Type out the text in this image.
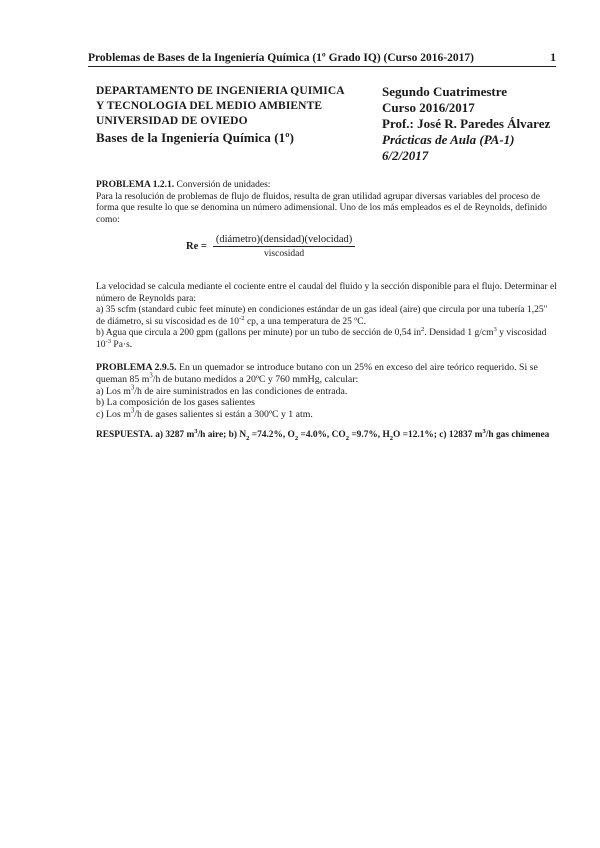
Problemas de Bases de la Ingeniería Química (1º Grado IQ) (Curso 2016-2017)	1
DEPARTAMENTO DE INGENIERIA QUIMICA
Y TECNOLOGIA DEL MEDIO AMBIENTE
UNIVERSIDAD DE OVIEDO
Bases de la Ingeniería Química (1º)
Segundo Cuatrimestre
Curso 2016/2017
Prof.: José R. Paredes Álvarez
Prácticas de Aula (PA-1)
6/2/2017

PROBLEMA 1.2.1. Conversión de unidades:

Para la resolución de problemas de flujo de fluidos, resulta de gran utilidad agrupar diversas variables del proceso de forma que resulte lo que se denomina un número adimensional. Uno de los más empleados es el de Reynolds, definido como:

$Re = \frac{\text{(diámetro)(densidad)(velocidad)}}{\text{viscosidad}}$

La velocidad se calcula mediante el cociente entre el caudal del fluido y la sección disponible para el flujo. Determinar el número de Reynolds para:

a) 35 scfm (standard cubic feet minute) en condiciones estándar de un gas ideal (aire) que circula por una tubería 1,25" de diámetro, si su viscosidad es de $10^{-2}$ cp, a una temperatura de 25 ºC.

b) Agua que circula a 200 gpm (gallons per minute) por un tubo de sección de 0,54 $in^2$. Densidad 1 $g/cm^3$ y viscosidad $10^{-3}$ Pa·s.

PROBLEMA 2.9.5. En un quemador se introduce butano con un 25% en exceso del aire teórico requerido. Si se queman 85 $m^3/h$ de butano medidos a 20ºC y 760 mmHg, calcular:

a) Los $m^3/h$ de aire suministrados en las condiciones de entrada.

b) La composición de los gases salientes

c) Los $m^3/h$ de gases salientes si están a 300ºC y 1 atm.

RESPUESTA. a) 3287 $m^3/h$ aire; b) $N_2 =74.2\%$, $O_2 =4.0\%$, $CO_2 =9.7\%$, $H_2O =12.1\%$; c) 12837 $m^3/h$ gas chimenea
